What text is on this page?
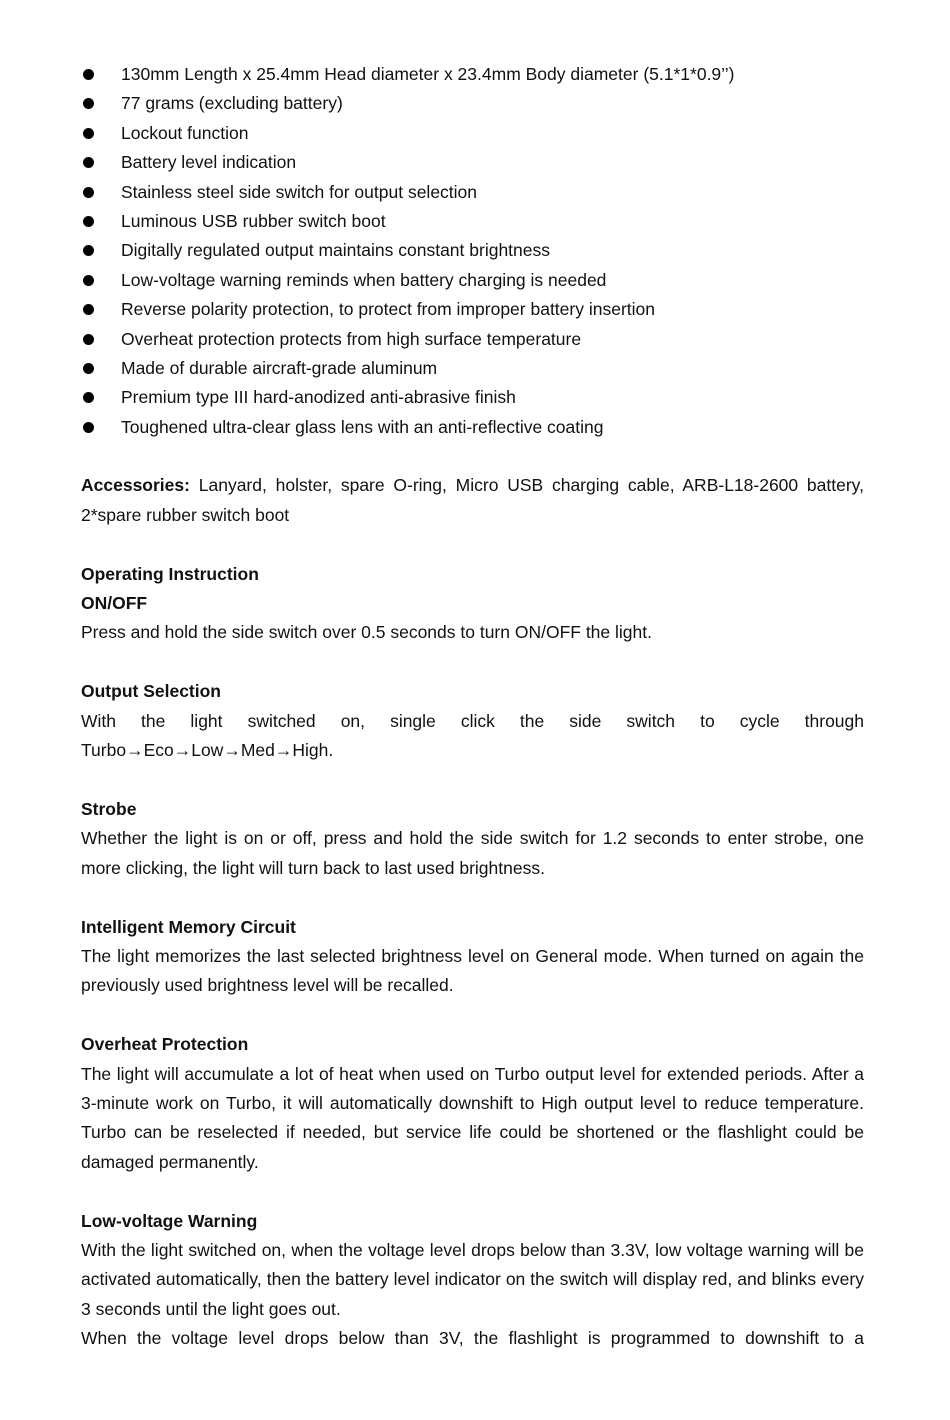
130mm Length x 25.4mm Head diameter x 23.4mm Body diameter (5.1*1*0.9’’)
77 grams (excluding battery)
Lockout function
Battery level indication
Stainless steel side switch for output selection
Luminous USB rubber switch boot
Digitally regulated output maintains constant brightness
Low-voltage warning reminds when battery charging is needed
Reverse polarity protection, to protect from improper battery insertion
Overheat protection protects from high surface temperature
Made of durable aircraft-grade aluminum
Premium type III hard-anodized anti-abrasive finish
Toughened ultra-clear glass lens with an anti-reflective coating

Accessories: Lanyard, holster, spare O-ring, Micro USB charging cable, ARB-L18-2600 battery, 2*spare rubber switch boot

Operating Instruction

ON/OFF

Press and hold the side switch over 0.5 seconds to turn ON/OFF the light.

Output Selection

With the light switched on, single click the side switch to cycle through Turbo→Eco→Low→Med→High.

Strobe

Whether the light is on or off, press and hold the side switch for 1.2 seconds to enter strobe, one more clicking, the light will turn back to last used brightness.

Intelligent Memory Circuit

The light memorizes the last selected brightness level on General mode. When turned on again the previously used brightness level will be recalled.

Overheat Protection

The light will accumulate a lot of heat when used on Turbo output level for extended periods. After a 3-minute work on Turbo, it will automatically downshift to High output level to reduce temperature. Turbo can be reselected if needed, but service life could be shortened or the flashlight could be damaged permanently.

Low-voltage Warning

With the light switched on, when the voltage level drops below than 3.3V, low voltage warning will be activated automatically, then the battery level indicator on the switch will display red, and blinks every 3 seconds until the light goes out.

When the voltage level drops below than 3V, the flashlight is programmed to downshift to a
